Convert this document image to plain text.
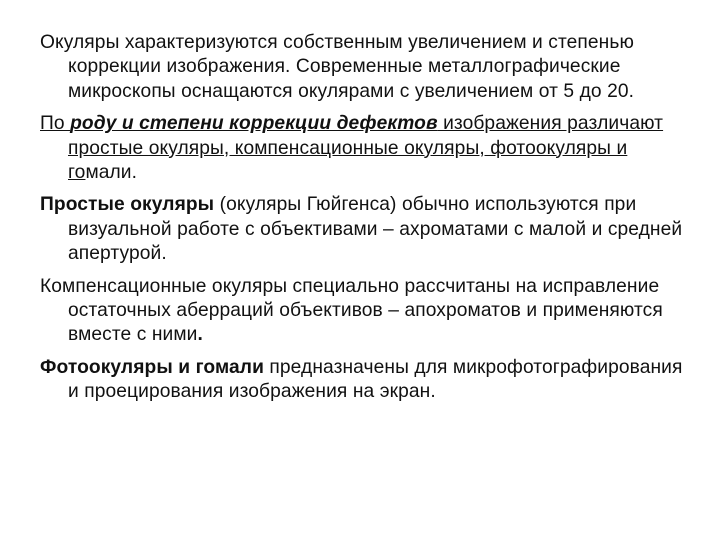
Окуляры характеризуются собственным увеличением и степенью коррекции изображения. Современные металлографические микроскопы оснащаются окулярами с увеличением от 5 до 20.

По роду и степени коррекции дефектов изображения различают простые окуляры, компенсационные окуляры, фотоокуляры и гомали.

Простые окуляры (окуляры Гюйгенса) обычно используются при визуальной работе с объективами – ахроматами с малой и средней апертурой.

Компенсационные окуляры специально рассчитаны на исправление остаточных аберраций объективов – апохроматов и применяются вместе с ними.

Фотоокуляры и гомали предназначены для микрофотографирования и проецирования изображения на экран.
